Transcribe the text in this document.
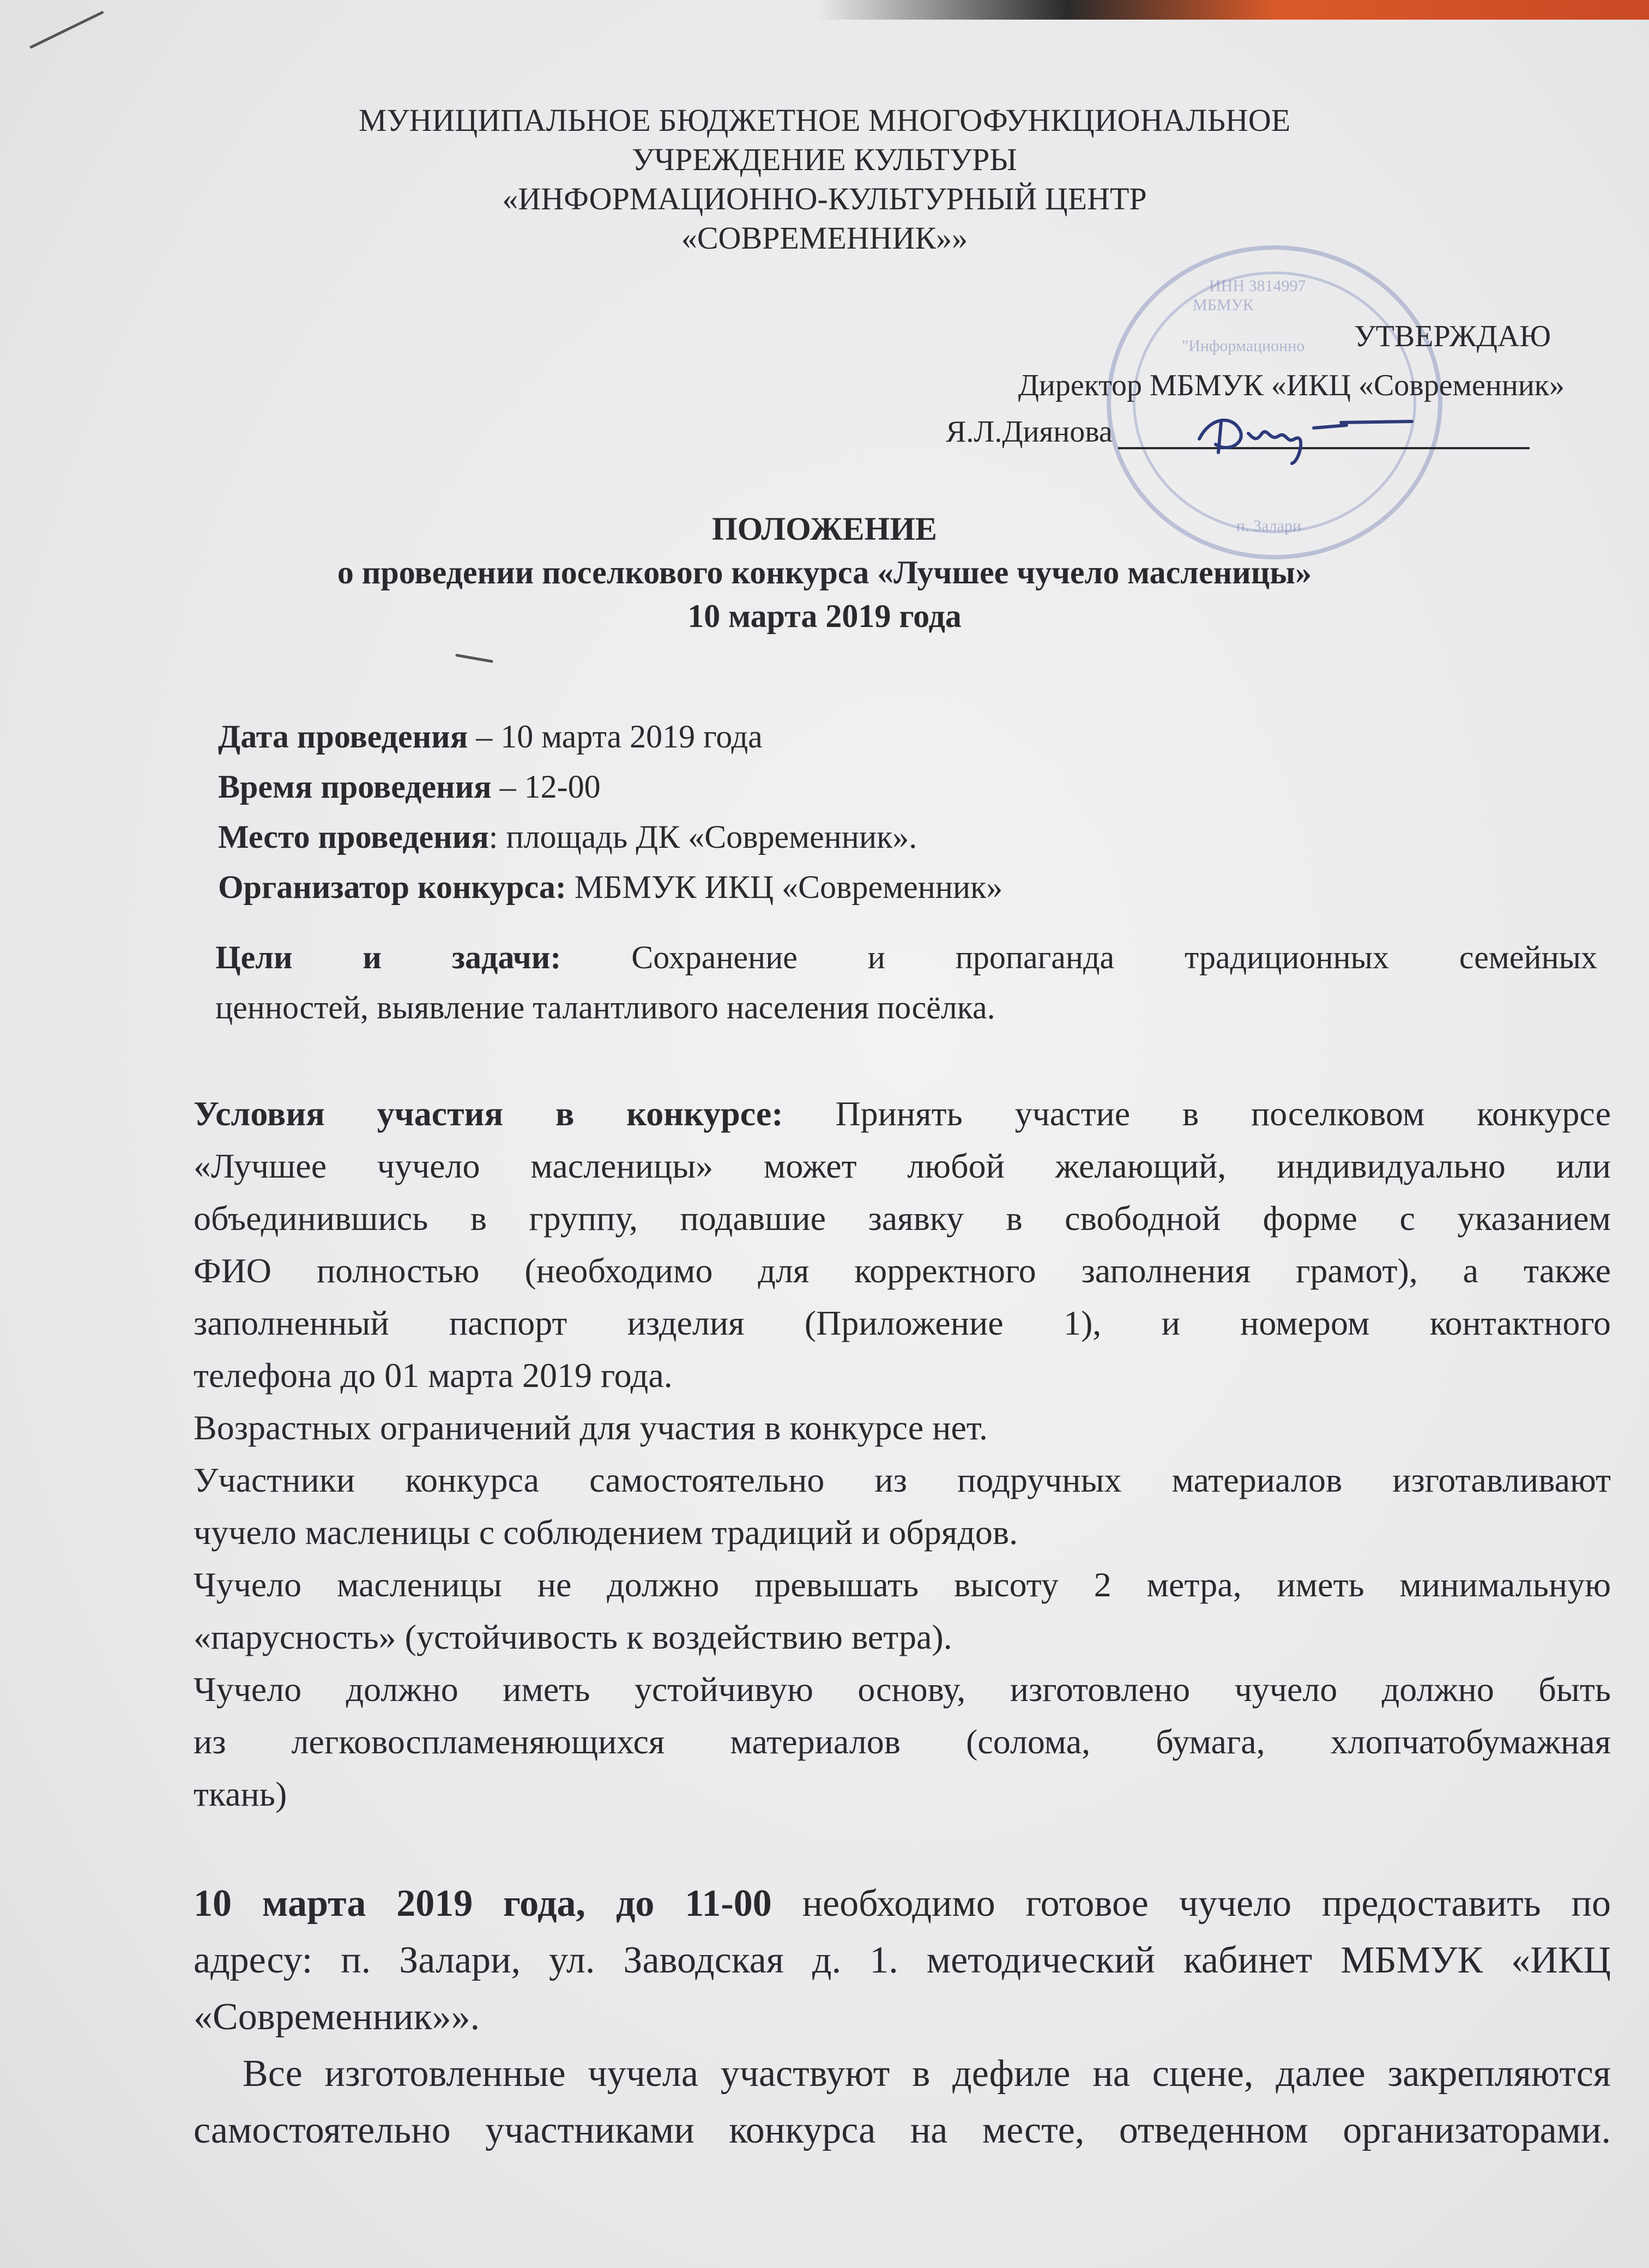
МУНИЦИПАЛЬНОЕ БЮДЖЕТНОЕ МНОГОФУНКЦИОНАЛЬНОЕ
УЧРЕЖДЕНИЕ КУЛЬТУРЫ
«ИНФОРМАЦИОННО-КУЛЬТУРНЫЙ ЦЕНТР
«СОВРЕМЕННИК»»
МБМУК
"Информационно
ИНН 3814997
п. Залари
УТВЕРЖДАЮ
Директор МБМУК «ИКЦ «Современник»
Я.Л.Диянова
ПОЛОЖЕНИЕ
о проведении поселкового конкурса «Лучшее чучело масленицы»
10 марта 2019 года
Дата проведения – 10 марта 2019 года
Время проведения – 12-00
Место проведения: площадь ДК «Современник».
Организатор конкурса: МБМУК ИКЦ «Современник»
Цели и задачи: Сохранение и пропаганда традиционных семейных
ценностей, выявление талантливого населения посёлка.
Условия участия в конкурсе: Принять участие в поселковом конкурсе
«Лучшее чучело масленицы» может любой желающий, индивидуально или
объединившись в группу, подавшие заявку в свободной форме с указанием
ФИО полностью (необходимо для корректного заполнения грамот), а также
заполненный паспорт изделия (Приложение 1), и номером контактного
телефона до 01 марта 2019 года.
Возрастных ограничений для участия в конкурсе нет.
Участники конкурса самостоятельно из подручных материалов изготавливают
чучело масленицы с соблюдением традиций и обрядов.
Чучело масленицы не должно превышать высоту 2 метра, иметь минимальную
«парусность» (устойчивость к воздействию ветра).
Чучело должно иметь устойчивую основу, изготовлено чучело должно быть
из легковоспламеняющихся материалов (солома, бумага, хлопчатобумажная
ткань)
10 марта 2019 года, до 11-00 необходимо готовое чучело предоставить по
адресу: п. Залари, ул. Заводская д. 1. методический кабинет МБМУК «ИКЦ
«Современник»».
Все изготовленные чучела участвуют в дефиле на сцене, далее закрепляются
самостоятельно участниками конкурса на месте, отведенном организаторами.
